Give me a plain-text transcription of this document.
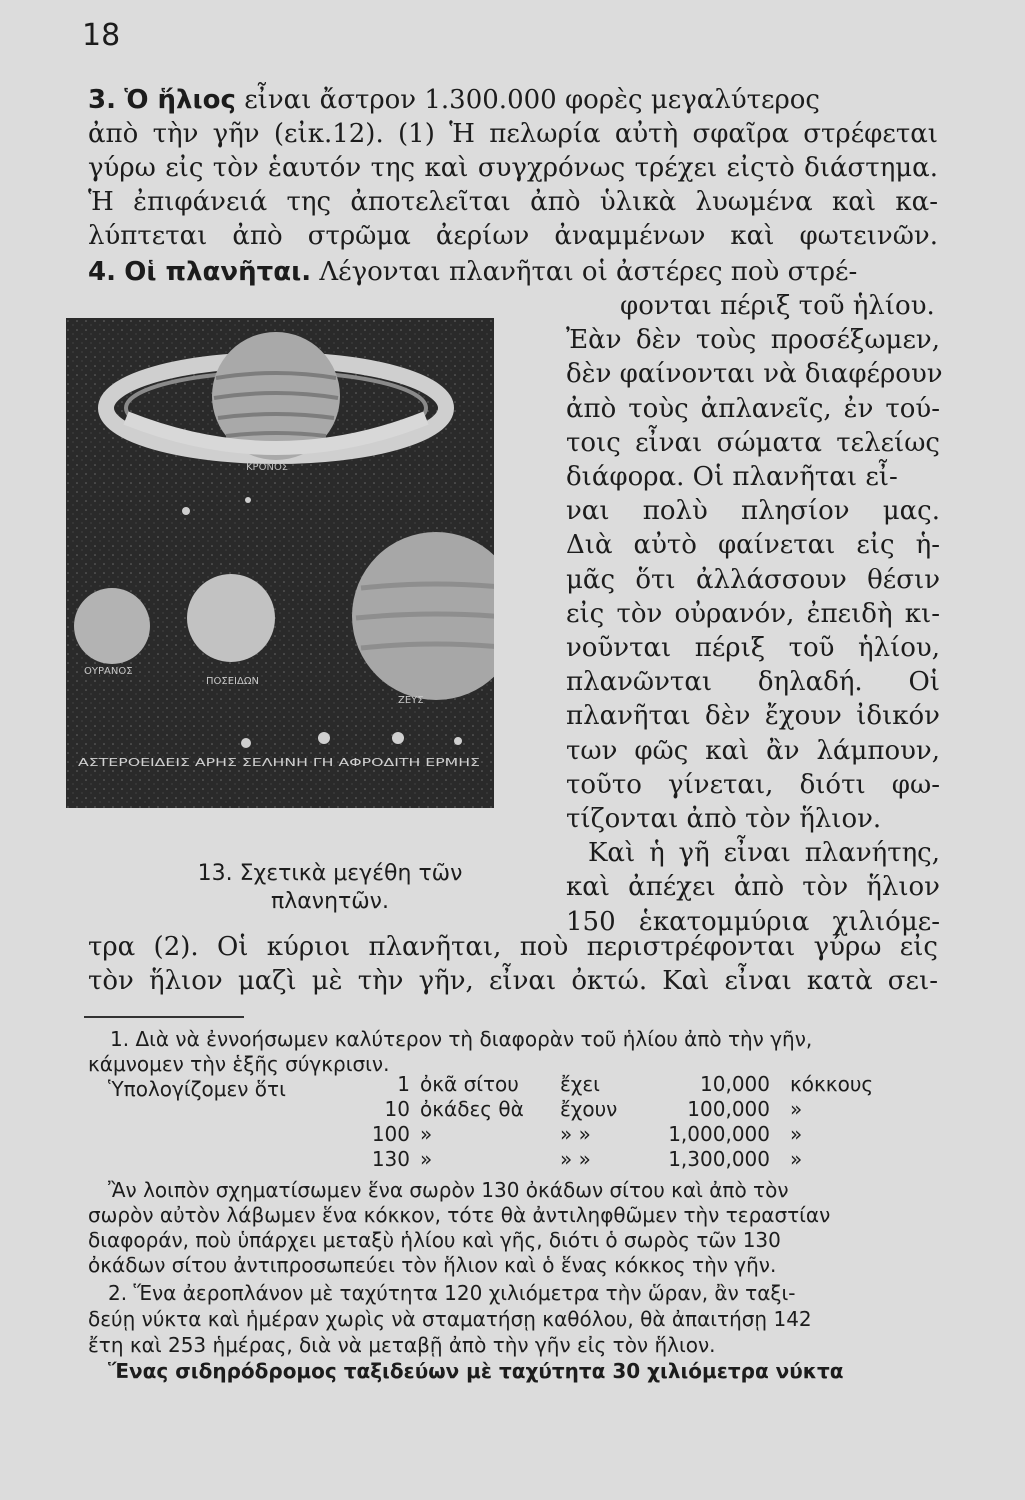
18
3. Ὁ ἥλιος εἶναι ἄστρον 1.300.000 φορὲς μεγαλύτερος
ἀπὸ τὴν γῆν (εἰκ.12). (1) Ἡ πελωρία αὐτὴ σφαῖρα στρέφεται
γύρω εἰς τὸν ἑαυτόν της καὶ συγχρόνως τρέχει εἰςτὸ διάστημα.
Ἡ ἐπιφάνειά της ἀποτελεῖται ἀπὸ ὑλικὰ λυωμένα καὶ κα-
λύπτεται ἀπὸ στρῶμα ἀερίων ἀναμμένων καὶ φωτεινῶν.
4. Οἱ πλανῆται. Λέγονται πλανῆται οἱ ἀστέρες ποὺ στρέ-
φονται πέριξ τοῦ ἡλίου.
Ἐὰν δὲν τοὺς προσέξωμεν,
δὲν φαίνονται νὰ διαφέρουν
ἀπὸ τοὺς ἀπλανεῖς, ἐν τού-
τοις εἶναι σώματα τελείως
διάφορα. Οἱ πλανῆται εἶ-
ναι πολὺ πλησίον μας.
Διὰ αὐτὸ φαίνεται εἰς ἡ-
μᾶς ὅτι ἀλλάσσουν θέσιν
εἰς τὸν οὐρανόν, ἐπειδὴ κι-
νοῦνται πέριξ τοῦ ἡλίου,
πλανῶνται δηλαδή. Οἱ
πλανῆται δὲν ἔχουν ἰδικόν
των φῶς καὶ ἂν λάμπουν,
τοῦτο γίνεται, διότι φω-
τίζονται ἀπὸ τὸν ἥλιον.
Καὶ ἡ γῆ εἶναι πλανήτης,
καὶ ἀπέχει ἀπὸ τὸν ἥλιον
150 ἑκατομμύρια χιλιόμε-
ΚΡΟΝΟΣ
ΟΥΡΑΝΟΣ
ΠΟΣΕΙΔΩΝ
ΖΕΥΣ
ΑΣΤΕΡΟΕΙΔΕΙΣ ΑΡΗΣ ΣΕΛΗΝΗ ΓΗ ΑΦΡΟΔΙΤΗ ΕΡΜΗΣ
13. Σχετικὰ μεγέθη τῶν
πλανητῶν.
τρα (2). Οἱ κύριοι πλανῆται, ποὺ περιστρέφονται γύρω εἰς
τὸν ἥλιον μαζὶ μὲ τὴν γῆν, εἶναι ὀκτώ. Καὶ εἶναι κατὰ σει-
1. Διὰ νὰ ἐννοήσωμεν καλύτερον τὴ διαφορὰν τοῦ ἡλίου ἀπὸ τὴν γῆν,
κάμνομεν τὴν ἑξῆς σύγκρισιν.
Ὑπολογίζομεν ὅτι	1 ὀκᾶ σίτου ἔχει	10,000 κόκκους
10 ὀκάδες θὰ ἔχουν	100,000 »
100 »	» »	1,000,000 »
130 »	» »	1,300,000 »
Ἂν λοιπὸν σχηματίσωμεν ἕνα σωρὸν 130 ὀκάδων σίτου καὶ ἀπὸ τὸν
σωρὸν αὐτὸν λάβωμεν ἕνα κόκκον, τότε θὰ ἀντιληφθῶμεν τὴν τεραστίαν
διαφοράν, ποὺ ὑπάρχει μεταξὺ ἡλίου καὶ γῆς, διότι ὁ σωρὸς τῶν 130
ὀκάδων σίτου ἀντιπροσωπεύει τὸν ἥλιον καὶ ὁ ἕνας κόκκος τὴν γῆν.
2. Ἕνα ἀεροπλάνον μὲ ταχύτητα 120 χιλιόμετρα τὴν ὥραν, ἂν ταξι-
δεύῃ νύκτα καὶ ἡμέραν χωρὶς νὰ σταματήσῃ καθόλου, θὰ ἀπαιτήσῃ 142
ἔτη καὶ 253 ἡμέρας, διὰ νὰ μεταβῇ ἀπὸ τὴν γῆν εἰς τὸν ἥλιον.
Ἕνας σιδηρόδρομος ταξιδεύων μὲ ταχύτητα 30 χιλιόμετρα νύκτα
